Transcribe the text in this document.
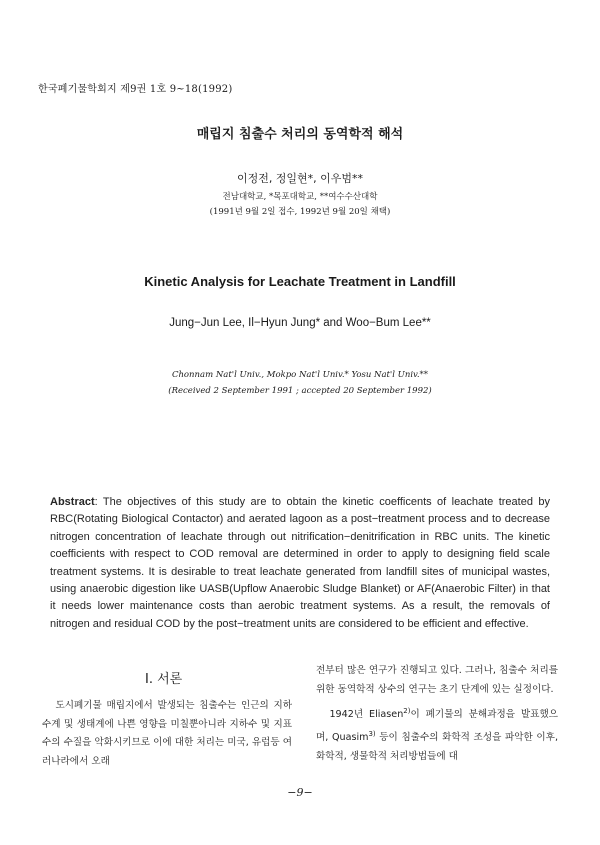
한국폐기물학회지 제9권 1호 9~18(1992)
매립지 침출수 처리의 동역학적 해석
이정전, 정일현*, 이우범**
전남대학교, *목포대학교, **여수수산대학
(1991년 9월 2일 접수, 1992년 9월 20일 채택)
Kinetic Analysis for Leachate Treatment in Landfill
Jung−Jun Lee, Il−Hyun Jung* and Woo−Bum Lee**
Chonnam Nat'l Univ., Mokpo Nat'l Univ.* Yosu Nat'l Univ.**
(Received 2 September 1991 ; accepted 20 September 1992)
Abstract: The objectives of this study are to obtain the kinetic coefficents of leachate treated by RBC(Rotating Biological Contactor) and aerated lagoon as a post−treatment process and to decrease nitrogen concentration of leachate through out nitrification−denitrification in RBC units. The kinetic coefficients with respect to COD removal are determined in order to apply to designing field scale treatment systems. It is desirable to treat leachate generated from landfill sites of municipal wastes, using anaerobic digestion like UASB(Upflow Anaerobic Sludge Blanket) or AF(Anaerobic Filter) in that it needs lower maintenance costs than aerobic treatment systems. As a result, the removals of nitrogen and residual COD by the post−treatment units are considered to be efficient and effective.
Ⅰ. 서론

도시폐기물 매립지에서 발생되는 침출수는 인근의 지하수계 및 생태계에 나쁜 영향을 미칠뿐아니라 지하수 및 지표수의 수질을 악화시키므로 이에 대한 처리는 미국, 유럽등 여러나라에서 오래

전부터 많은 연구가 진행되고 있다. 그러나, 침출수 처리를 위한 동역학적 상수의 연구는 초기 단계에 있는 실정이다.

1942년 Eliasen$^{2)}$이 폐기물의 분해과정을 발표했으며, Quasim$^{3)}$ 등이 침출수의 화학적 조성을 파악한 이후, 화학적, 생물학적 처리방법들에 대

−9−
